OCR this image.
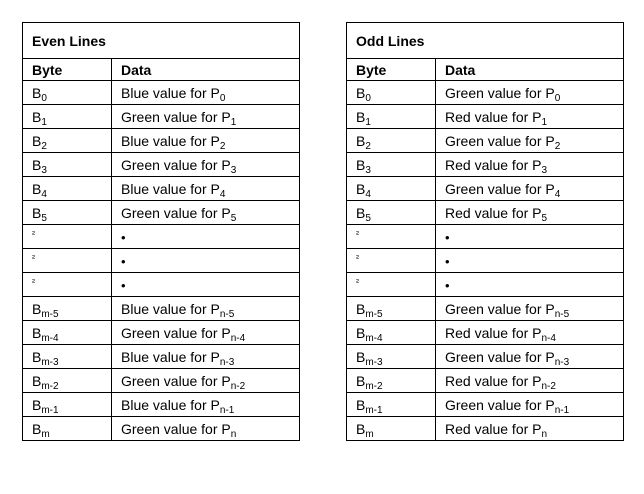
Even Lines	
Byte	Data
$B_0$	Blue value for $P_0$
$B_1$	Green value for $P_1$
$B_2$	Blue value for $P_2$
$B_3$	Green value for $P_3$
$B_4$	Blue value for $P_4$
$B_5$	Green value for $P_5$
$^{^2}$	•
$^{^2}$	•
$^{^2}$	•
$B_{m-5}$	Blue value for $P_{n-5}$
$B_{m-4}$	Green value for $P_{n-4}$
$B_{m-3}$	Blue value for $P_{n-3}$
$B_{m-2}$	Green value for $P_{n-2}$
$B_{m-1}$	Blue value for $P_{n-1}$
$B_m$	Green value for $P_n$
Odd Lines	
Byte	Data
$B_0$	Green value for $P_0$
$B_1$	Red value for $P_1$
$B_2$	Green value for $P_2$
$B_3$	Red value for $P_3$
$B_4$	Green value for $P_4$
$B_5$	Red value for $P_5$
$^{^2}$	•
$^{^2}$	•
$^{^2}$	•
$B_{m-5}$	Green value for $P_{n-5}$
$B_{m-4}$	Red value for $P_{n-4}$
$B_{m-3}$	Green value for $P_{n-3}$
$B_{m-2}$	Red value for $P_{n-2}$
$B_{m-1}$	Green value for $P_{n-1}$
$B_m$	Red value for $P_n$
